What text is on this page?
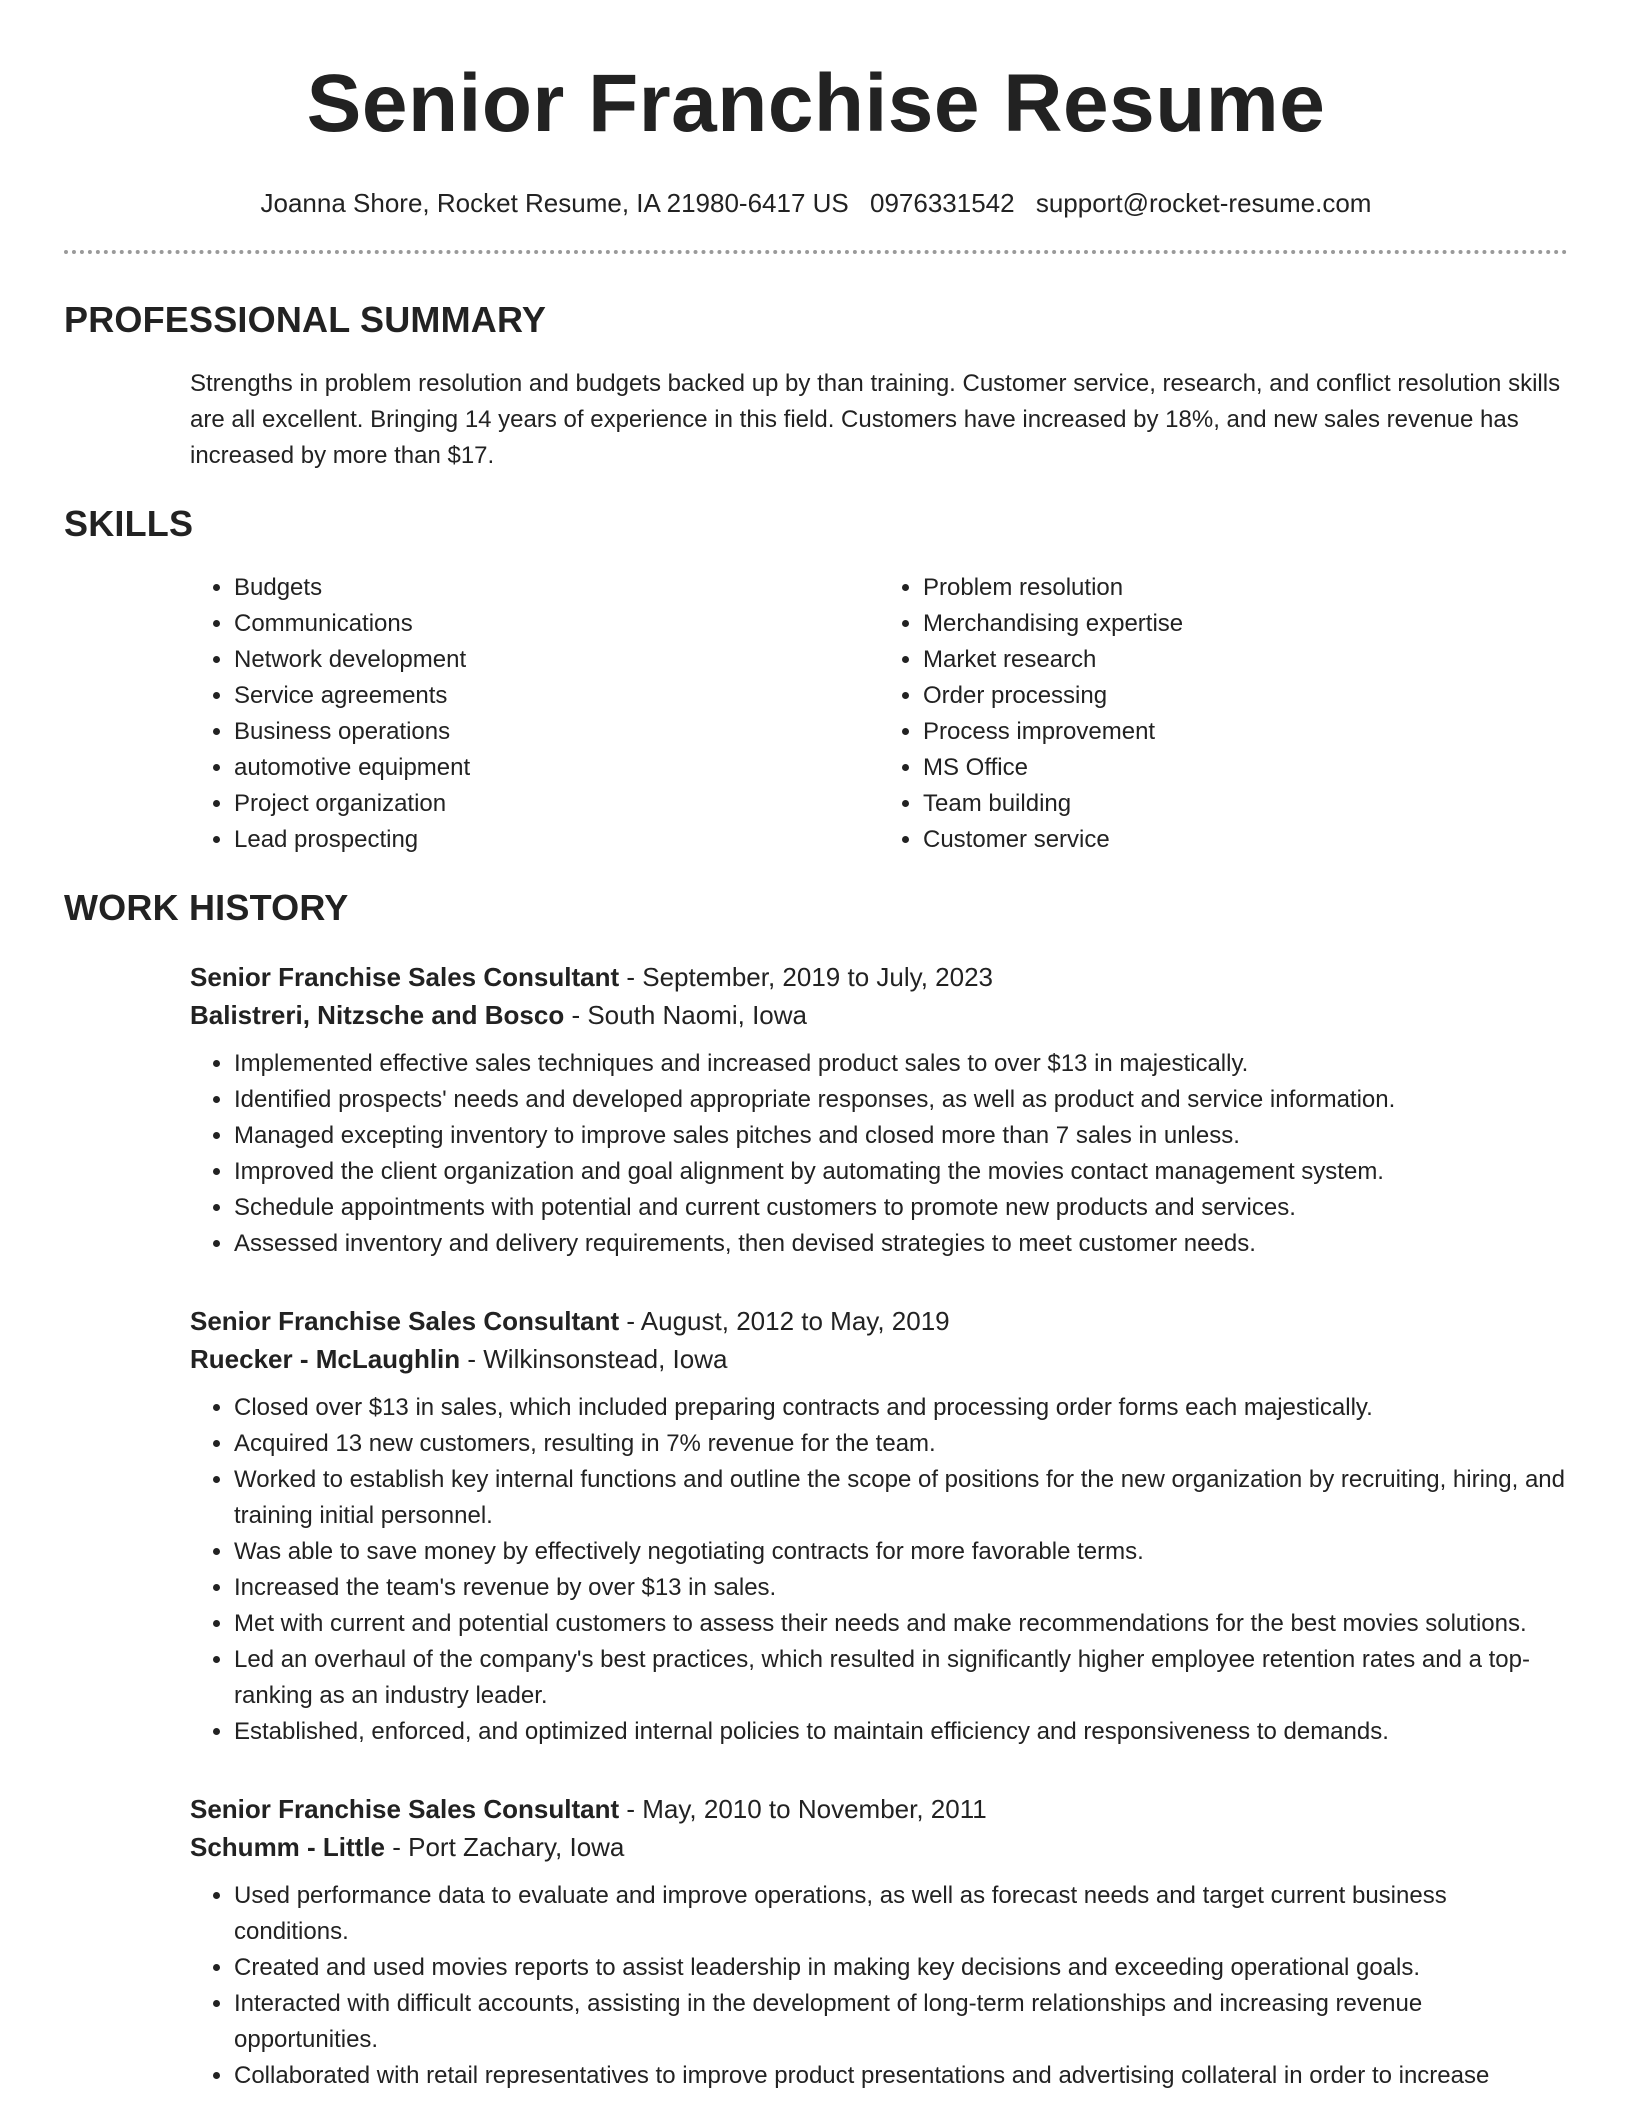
Senior Franchise Resume
Joanna Shore, Rocket Resume, IA 21980-6417 US 0976331542 support@rocket-resume.com
PROFESSIONAL SUMMARY

Strengths in problem resolution and budgets backed up by than training. Customer service, research, and conflict resolution skills are all excellent. Bringing 14 years of experience in this field. Customers have increased by 18%, and new sales revenue has increased by more than $17.

SKILLS
• Budgets
• Communications
• Network development
• Service agreements
• Business operations
• automotive equipment
• Project organization
• Lead prospecting
• Problem resolution
• Merchandising expertise
• Market research
• Order processing
• Process improvement
• MS Office
• Team building
• Customer service
WORK HISTORY
Senior Franchise Sales Consultant - September, 2019 to July, 2023
Balistreri, Nitzsche and Bosco - South Naomi, Iowa
• Implemented effective sales techniques and increased product sales to over $13 in majestically.
• Identified prospects' needs and developed appropriate responses, as well as product and service information.
• Managed excepting inventory to improve sales pitches and closed more than 7 sales in unless.
• Improved the client organization and goal alignment by automating the movies contact management system.
• Schedule appointments with potential and current customers to promote new products and services.
• Assessed inventory and delivery requirements, then devised strategies to meet customer needs.
Senior Franchise Sales Consultant - August, 2012 to May, 2019
Ruecker - McLaughlin - Wilkinsonstead, Iowa
• Closed over $13 in sales, which included preparing contracts and processing order forms each majestically.
• Acquired 13 new customers, resulting in 7% revenue for the team.
• Worked to establish key internal functions and outline the scope of positions for the new organization by recruiting, hiring, and training initial personnel.
• Was able to save money by effectively negotiating contracts for more favorable terms.
• Increased the team's revenue by over $13 in sales.
• Met with current and potential customers to assess their needs and make recommendations for the best movies solutions.
• Led an overhaul of the company's best practices, which resulted in significantly higher employee retention rates and a top-ranking as an industry leader.
• Established, enforced, and optimized internal policies to maintain efficiency and responsiveness to demands.
Senior Franchise Sales Consultant - May, 2010 to November, 2011
Schumm - Little - Port Zachary, Iowa
• Used performance data to evaluate and improve operations, as well as forecast needs and target current business conditions.
• Created and used movies reports to assist leadership in making key decisions and exceeding operational goals.
• Interacted with difficult accounts, assisting in the development of long-term relationships and increasing revenue opportunities.
• Collaborated with retail representatives to improve product presentations and advertising collateral in order to increase
